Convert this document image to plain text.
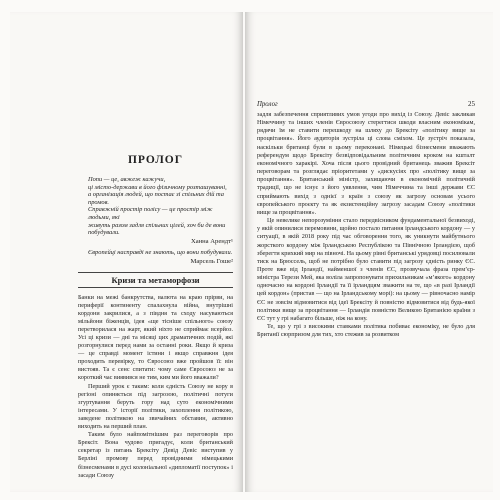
ПРОЛОГ

Попи — це, авжеж кажучи,

ці місто-держави в його фізичному розташуванні,

а організація людей, що постає зі спільних дій та промов.

Справжній простір полісу — це простір між людьми, які

живуть разом задля спільних цілей, хоч би де вони побудували.

Ханна Арендт¹

Європейці насправді не знають, що вони побудували.

Марсель Гоше²
Кризи та метаморфози

Банки на межі банкрутства, валюта на краю прірви, на периферії континенту спалахнула війна, внутрішні кордони закрилися, а з півдня та сходу насуваються мільйони біженців, ідея «ще тісніше спільного» союзу перетворилася на жарт, який ніхто не сприймає всерйоз. Усі ці кризи — дні та місяці цих драматичних подій, які розгорнулися перед нами за останні роки. Якщо й криза — це справді момент істини і якщо справжня ідея проходить перевірку, то Євросоюз вже пройшов її: він вистояв. Та є сенс спитати: чому саме Євросоюз не за короткий час виявився не тим, ким ми його вважали?

Перший урок є таким: коли єдність Союзу не кору в регіоні опиняється під загрозою, політичні потуги згуртування беруть гору над суто економічними інтересами. У історії політики, захоплення політикою, заведене політикою на звичайних обставин, активно виходить на перший план.

Таким було найпомітнішим раз переговорів про Брексіт. Вона чудово пригадує, коли британський секретар із питань Брексіту Девід Девіс виступив у Берліні промову перед провідними німецькими бізнесменами в дусі колоніальної «дипломатії поступок» і засади Союзу

Пролог	25

задля забезпечення сприятливих умов угоди про вихід із Союзу. Девіс закликав Німеччину та інших членів Євросоюзу стерегтися шкоди власним економікам, рядячи їм не ставити перешкоду на шляху до Брексіту «політику вище за процвітання». Його аудиторія зустріла ці слова сміхом. Це зустріч показала, наскільки британці були в цьому переконані. Німецькі бізнесмени вважають референдум щодо Брексіту безвідповідальним політичним кроком на кшталт економічного харакірі. Хоча після цього провідний британець зважив Брексіт переговорам та розглядає пріоритетами у «дискусіях про «політику вище за процвітання». Британський міністр, захищаючи в економічній політичній традиції, що не існує з його уявлення, чим Німеччина та інші держави ЄС сприймають вихід з однієї з країн з союзу як загрозу основам усього європейського проєкту та як екзистенційну загрозу засадам Союзу «політики вище за процвітання».

Це невелике непорозуміння стало передвісником фундаментальної безвиході, у якій опинилися перемовини, щойно постало питання ірландського кордону — у ситуації, в якій 2018 року під час обговорення того, як уникнути майбутнього жорсткого кордону між Ірландською Республікою та Північною Ірландією, щоб зберегти крихкий мир на півночі. На цьому рівні британські урядовці посилювали тиск на Брюссель, щоб не потрібно було ставити під загрозу єдність ринку ЄС. Проте вже від Ірландії, найменшої з членів ЄС, прозвучала фраза прем’єр-міністра Терези Мей, яка воліла запропонувати прихильникам «м’якого» кордону одночасно на кордоні Ірландії та її ірландцям зважити на те, що «в разі Ірландії цей кордон» (пристав — що на Ірландському морі): на цьому — рівночасно намір ЄС не зовсім відмовитися від ідеї Брексіту й повністю відмовитися від будь-якої політики вище за процвітання — Ірландія повністю Великою Британією країни з ЄС тут у грі набагато більше, ніж на кону.

Те, що у грі з високими ставками політика побиває економіку, не було для Британії сюрпризом для тих, хто стежив за розвитком
